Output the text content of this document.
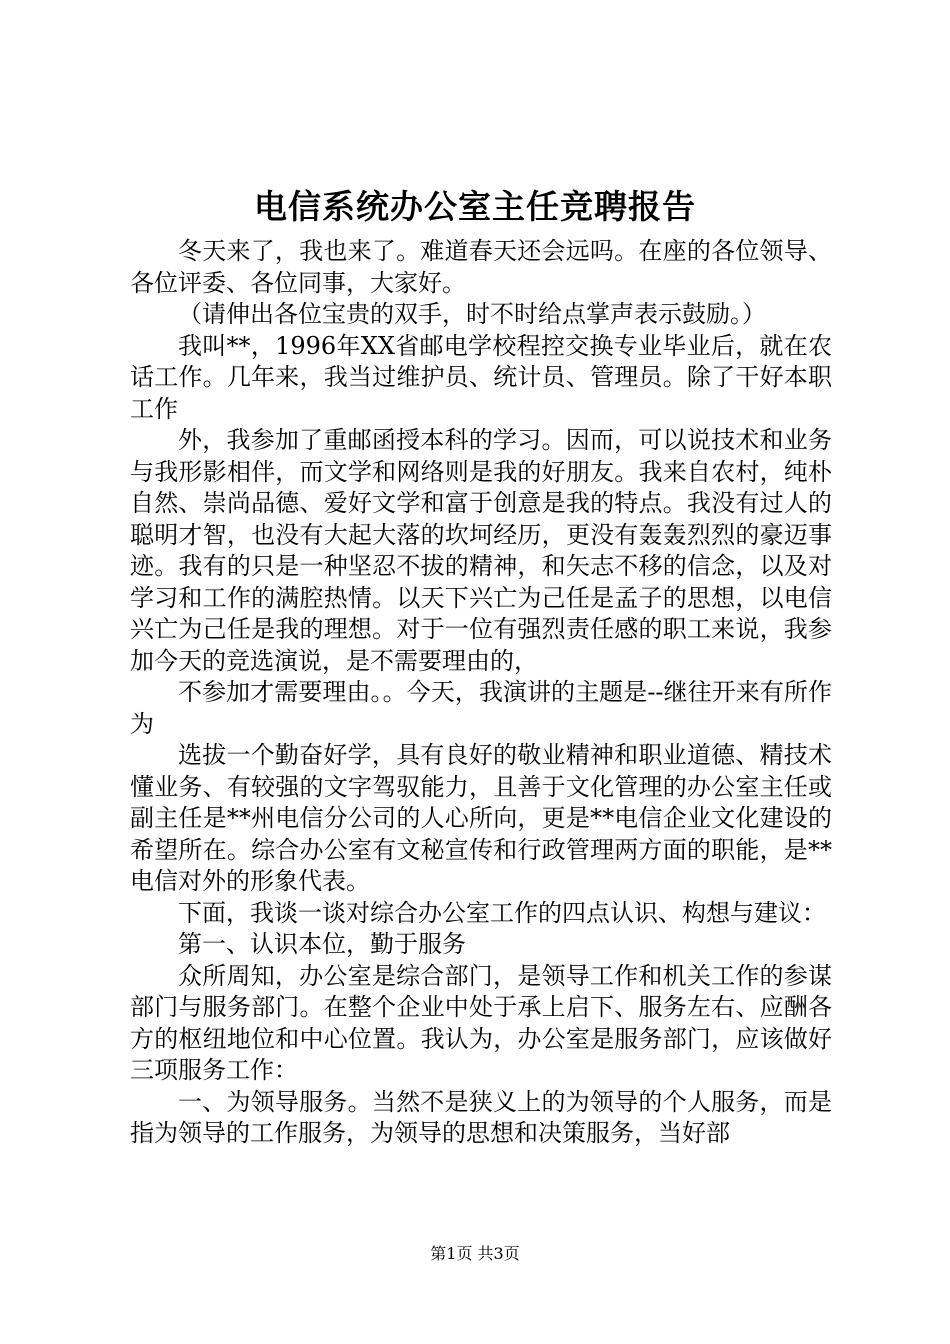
电信系统办公室主任竞聘报告

冬天来了，我也来了。难道春天还会远吗。在座的各位领导、各位评委、各位同事，大家好。

（请伸出各位宝贵的双手，时不时给点掌声表示鼓励。）

我叫**，1996年XX省邮电学校程控交换专业毕业后，就在农话工作。几年来，我当过维护员、统计员、管理员。除了干好本职工作

外，我参加了重邮函授本科的学习。因而，可以说技术和业务与我形影相伴，而文学和网络则是我的好朋友。我来自农村，纯朴自然、崇尚品德、爱好文学和富于创意是我的特点。我没有过人的聪明才智，也没有大起大落的坎坷经历，更没有轰轰烈烈的豪迈事迹。我有的只是一种坚忍不拔的精神，和矢志不移的信念，以及对学习和工作的满腔热情。以天下兴亡为己任是孟子的思想，以电信兴亡为己任是我的理想。对于一位有强烈责任感的职工来说，我参加今天的竞选演说，是不需要理由的，

不参加才需要理由。。今天，我演讲的主题是--继往开来有所作为

选拔一个勤奋好学，具有良好的敬业精神和职业道德、精技术懂业务、有较强的文字驾驭能力，且善于文化管理的办公室主任或副主任是**州电信分公司的人心所向，更是**电信企业文化建设的希望所在。综合办公室有文秘宣传和行政管理两方面的职能，是**电信对外的形象代表。

下面，我谈一谈对综合办公室工作的四点认识、构想与建议：

第一、认识本位，勤于服务

众所周知，办公室是综合部门，是领导工作和机关工作的参谋部门与服务部门。在整个企业中处于承上启下、服务左右、应酬各方的枢纽地位和中心位置。我认为，办公室是服务部门，应该做好三项服务工作：

一、为领导服务。当然不是狭义上的为领导的个人服务，而是指为领导的工作服务，为领导的思想和决策服务，当好部

第1页 共3页
